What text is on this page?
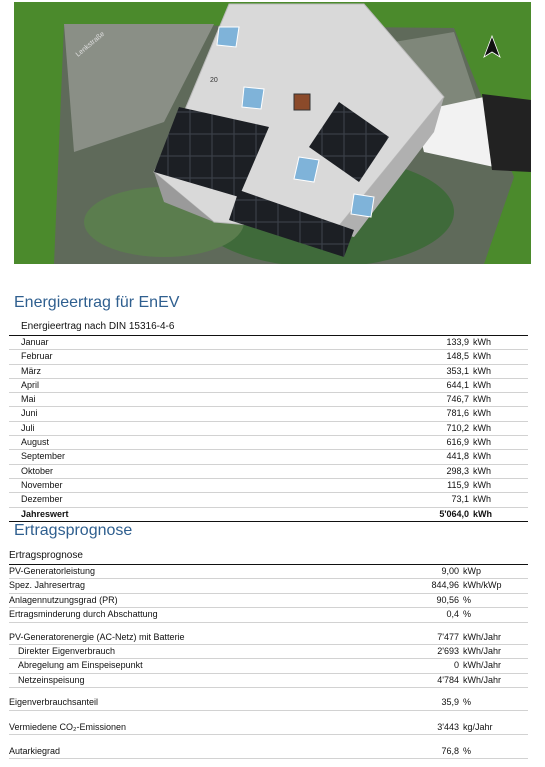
Lenkstraße
20
Energieertrag für EnEV
Energieertrag nach DIN 15316-4-6
Januar	133,9 kWh
Februar	148,5 kWh
März	353,1 kWh
April	644,1 kWh
Mai	746,7 kWh
Juni	781,6 kWh
Juli	710,2 kWh
August	616,9 kWh
September	441,8 kWh
Oktober	298,3 kWh
November	115,9 kWh
Dezember	73,1 kWh
Jahreswert	5'064,0 kWh
Ertragsprognose
Ertragsprognose
PV-Generatorleistung	9,00 kWp
Spez. Jahresertrag	844,96 kWh/kWp
Anlagennutzungsgrad (PR)	90,56 %
Ertragsminderung durch Abschattung	0,4 %
PV-Generatorenergie (AC-Netz) mit Batterie	7'477 kWh/Jahr
Direkter Eigenverbrauch	2'693 kWh/Jahr
Abregelung am Einspeisepunkt	0 kWh/Jahr
Netzeinspeisung	4'784 kWh/Jahr
Eigenverbrauchsanteil	35,9 %
Vermiedene CO₂-Emissionen	3'443 kg/Jahr
Autarkiegrad	76,8 %
